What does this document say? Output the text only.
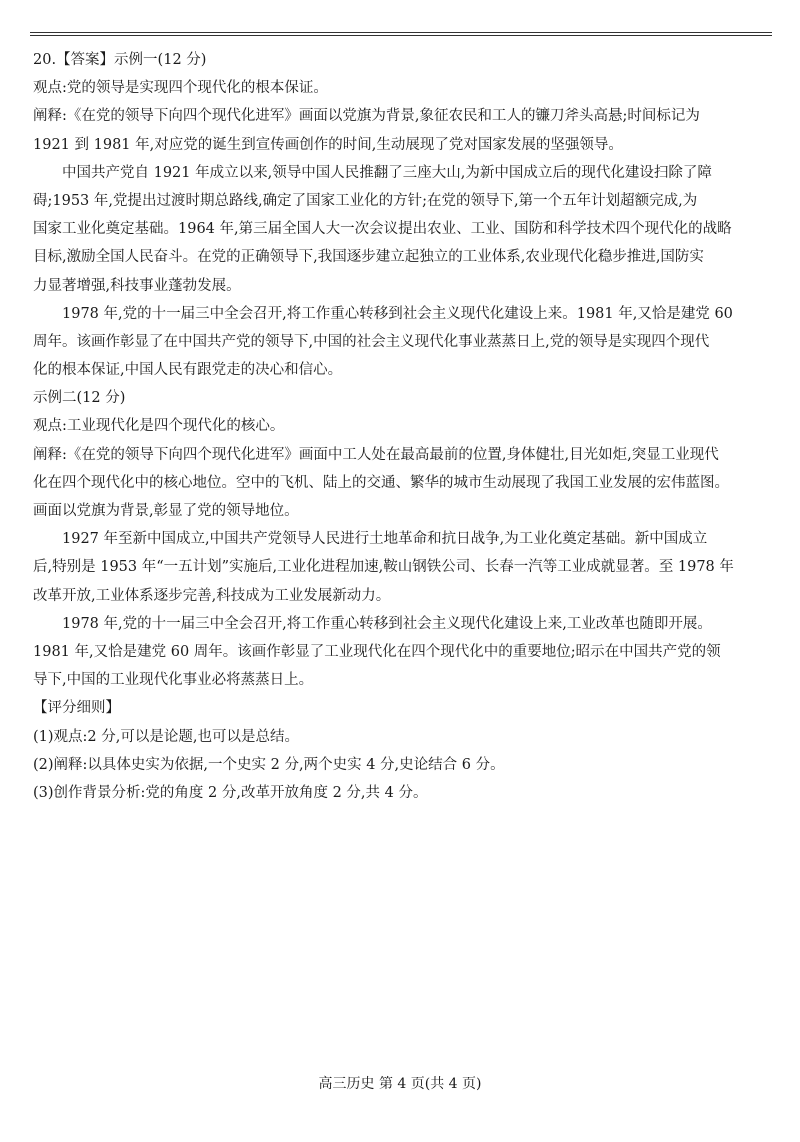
20.【答案】示例一(12 分)
观点:党的领导是实现四个现代化的根本保证。
阐释:《在党的领导下向四个现代化进军》画面以党旗为背景,象征农民和工人的镰刀斧头高悬;时间标记为
1921 到 1981 年,对应党的诞生到宣传画创作的时间,生动展现了党对国家发展的坚强领导。
中国共产党自 1921 年成立以来,领导中国人民推翻了三座大山,为新中国成立后的现代化建设扫除了障
碍;1953 年,党提出过渡时期总路线,确定了国家工业化的方针;在党的领导下,第一个五年计划超额完成,为
国家工业化奠定基础。1964 年,第三届全国人大一次会议提出农业、工业、国防和科学技术四个现代化的战略
目标,激励全国人民奋斗。在党的正确领导下,我国逐步建立起独立的工业体系,农业现代化稳步推进,国防实
力显著增强,科技事业蓬勃发展。
1978 年,党的十一届三中全会召开,将工作重心转移到社会主义现代化建设上来。1981 年,又恰是建党 60
周年。该画作彰显了在中国共产党的领导下,中国的社会主义现代化事业蒸蒸日上,党的领导是实现四个现代
化的根本保证,中国人民有跟党走的决心和信心。
示例二(12 分)
观点:工业现代化是四个现代化的核心。
阐释:《在党的领导下向四个现代化进军》画面中工人处在最高最前的位置,身体健壮,目光如炬,突显工业现代
化在四个现代化中的核心地位。空中的飞机、陆上的交通、繁华的城市生动展现了我国工业发展的宏伟蓝图。
画面以党旗为背景,彰显了党的领导地位。
1927 年至新中国成立,中国共产党领导人民进行土地革命和抗日战争,为工业化奠定基础。新中国成立
后,特别是 1953 年“一五计划”实施后,工业化进程加速,鞍山钢铁公司、长春一汽等工业成就显著。至 1978 年
改革开放,工业体系逐步完善,科技成为工业发展新动力。
1978 年,党的十一届三中全会召开,将工作重心转移到社会主义现代化建设上来,工业改革也随即开展。
1981 年,又恰是建党 60 周年。该画作彰显了工业现代化在四个现代化中的重要地位;昭示在中国共产党的领
导下,中国的工业现代化事业必将蒸蒸日上。
【评分细则】
(1)观点:2 分,可以是论题,也可以是总结。
(2)阐释:以具体史实为依据,一个史实 2 分,两个史实 4 分,史论结合 6 分。
(3)创作背景分析:党的角度 2 分,改革开放角度 2 分,共 4 分。
高三历史 第 4 页(共 4 页)
